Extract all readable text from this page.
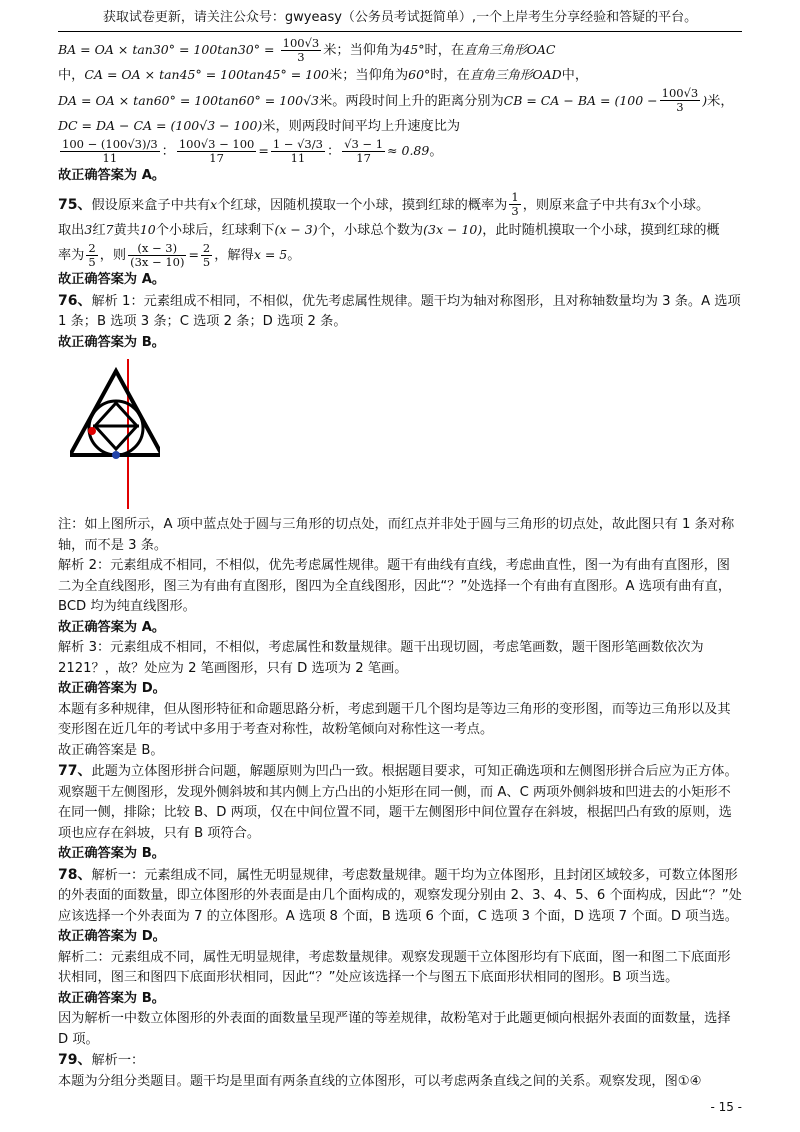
获取试卷更新，请关注公众号：gwyeasy（公务员考试挺简单）,一个上岸考生分享经验和答疑的平台。

BA = OA × $\tan 30^\circ = 100\tan 30^\circ = \frac{100√3}{3}$ 米；当仰角为45°时，在直角三角形OAC

中，CA = OA × tan45° = 100tan45° = 100米；当仰角为60°时，在直角三角形OAD中，

DA = OA × tan60° = 100tan60° = 100√3米。两段时间上升的距离分别为CB = CA − BA = ($100 - \frac{100√3}{3}$ )米，

DC = DA − CA = (100√3 − 100)米，则两段时间平均上升速度比为

$\frac{100 - (100√3)/3}{11}$ ： $\frac{100√3 - 100}{17} = \frac{1 - √3/3}{11}$ ： $\frac{√3 - 1}{17} \approx 0.89$。

故正确答案为 A。

75、假设原来盒子中共有x个红球，因随机摸取一个小球，摸到红球的概率为 $\frac{1}{3}$ ，则原来盒子中共有3x个小球。

取出3红7黄共10个小球后，红球剩下(x − 3)个，小球总个数为(3x − 10)，此时随机摸取一个小球，摸到红球的概

率为 $\frac{2}{5}$ ，则 $\frac{(x - 3)}{(3x - 10)} = \frac{2}{5}$ ，解得x = 5。

故正确答案为 A。

76、解析 1：元素组成不相同，不相似，优先考虑属性规律。题干均为轴对称图形，且对称轴数量均为 3 条。A 选项 1 条；B 选项 3 条；C 选项 2 条；D 选项 2 条。

故正确答案为 B。

注：如上图所示，A 项中蓝点处于圆与三角形的切点处，而红点并非处于圆与三角形的切点处，故此图只有 1 条对称轴，而不是 3 条。

解析 2：元素组成不相同，不相似，优先考虑属性规律。题干有曲线有直线，考虑曲直性，图一为有曲有直图形，图二为全直线图形，图三为有曲有直图形，图四为全直线图形，因此“？”处选择一个有曲有直图形。A 选项有曲有直，BCD 均为纯直线图形。

故正确答案为 A。

解析 3：元素组成不相同，不相似，考虑属性和数量规律。题干出现切圆，考虑笔画数，题干图形笔画数依次为 2121？，故？处应为 2 笔画图形，只有 D 选项为 2 笔画。

故正确答案为 D。

本题有多种规律，但从图形特征和命题思路分析，考虑到题干几个图均是等边三角形的变形图，而等边三角形以及其变形图在近几年的考试中多用于考查对称性，故粉笔倾向对称性这一考点。

故正确答案是 B。

77、此题为立体图形拼合问题，解题原则为凹凸一致。根据题目要求，可知正确选项和左侧图形拼合后应为正方体。观察题干左侧图形，发现外侧斜坡和其内侧上方凸出的小矩形在同一侧，而 A、C 两项外侧斜坡和凹进去的小矩形不在同一侧，排除；比较 B、D 两项，仅在中间位置不同，题干左侧图形中间位置存在斜坡，根据凹凸有致的原则，选项也应存在斜坡，只有 B 项符合。

故正确答案为 B。

78、解析一：元素组成不同，属性无明显规律，考虑数量规律。题干均为立体图形，且封闭区域较多，可数立体图形的外表面的面数量，即立体图形的外表面是由几个面构成的，观察发现分别由 2、3、4、5、6 个面构成，因此“？”处应该选择一个外表面为 7 的立体图形。A 选项 8 个面，B 选项 6 个面，C 选项 3 个面，D 选项 7 个面。D 项当选。

故正确答案为 D。

解析二：元素组成不同，属性无明显规律，考虑数量规律。观察发现题干立体图形均有下底面，图一和图二下底面形状相同，图三和图四下底面形状相同，因此“？”处应该选择一个与图五下底面形状相同的图形。B 项当选。

故正确答案为 B。

因为解析一中数立体图形的外表面的面数量呈现严谨的等差规律，故粉笔对于此题更倾向根据外表面的面数量，选择 D 项。

79、解析一：

本题为分组分类题目。题干均是里面有两条直线的立体图形，可以考虑两条直线之间的关系。观察发现，图①④

- 15 -
